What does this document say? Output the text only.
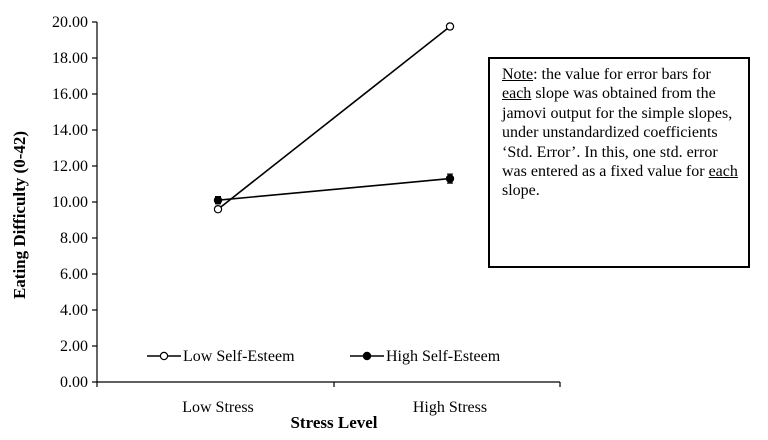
0.00
2.00
4.00
6.00
8.00
10.00
12.00
14.00
16.00
18.00
20.00
Low Stress	High Stress
Low Self-Esteem	High Self-Esteem
Stress Level
Eating Difficulty (0-42)
Note: the value for error bars for each slope was obtained from the jamovi output for the simple slopes, under unstandardized coefficients ‘Std. Error’. In this, one std. error was entered as a fixed value for each slope.
